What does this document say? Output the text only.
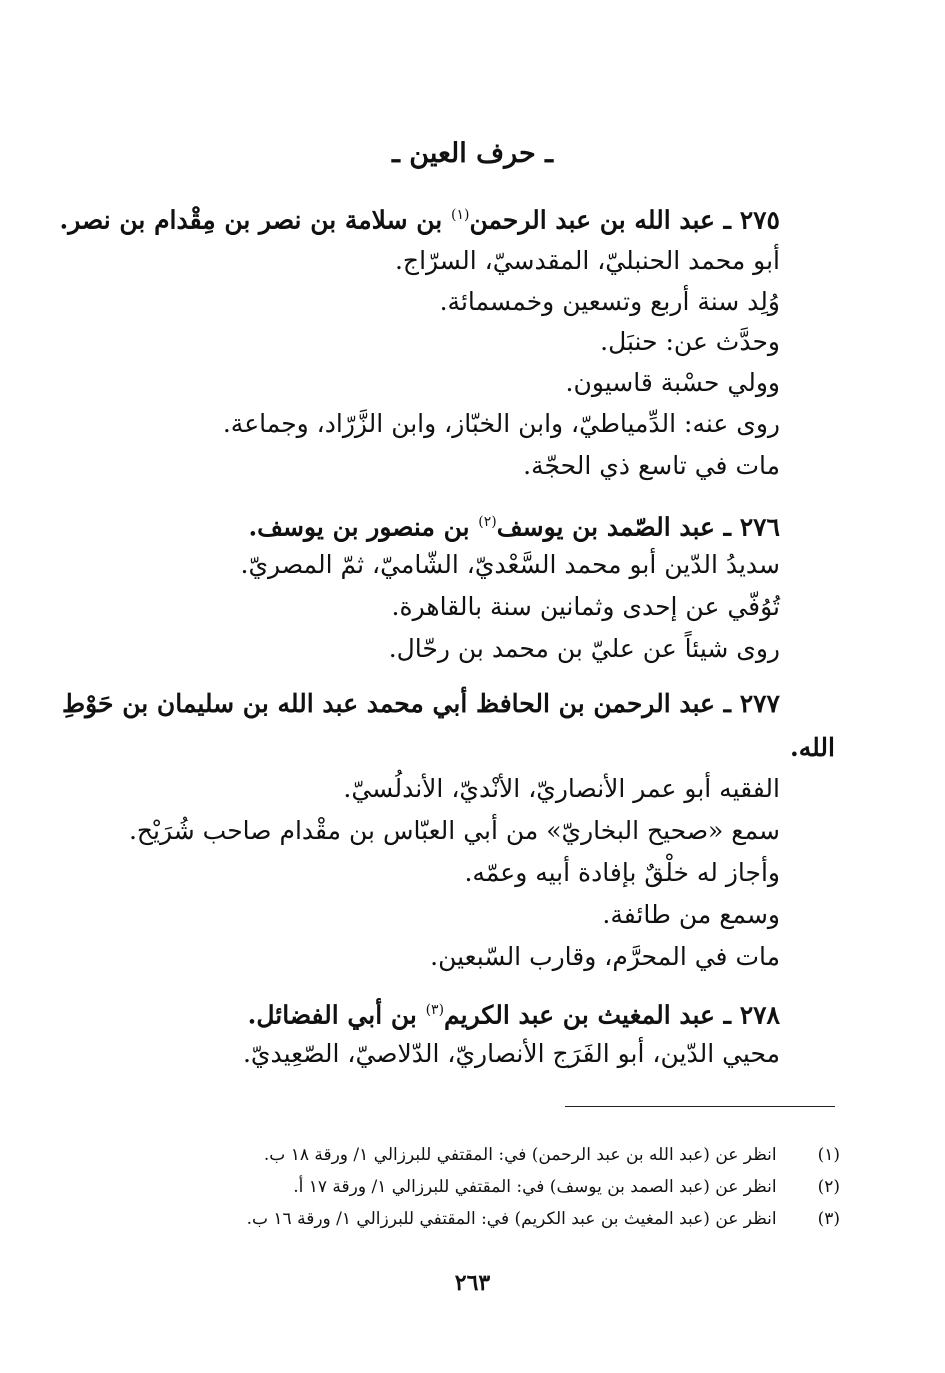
ـ حرف العين ـ
٢٧٥ ـ عبد الله بن عبد الرحمن$^{(١)}$ بن سلامة بن نصر بن مِقْدام بن نصر.
أبو محمد الحنبليّ، المقدسيّ، السرّاج.
وُلِد سنة أربع وتسعين وخمسمائة.
وحدَّث عن: حنبَل.
وولي حسْبة قاسيون.
روى عنه: الدِّمياطيّ، وابن الخبّاز، وابن الزَّرّاد، وجماعة.
مات في تاسع ذي الحجّة.
٢٧٦ ـ عبد الصّمد بن يوسف$^{(٢)}$ بن منصور بن يوسف.
سديدُ الدّين أبو محمد السَّعْديّ، الشّاميّ، ثمّ المصريّ.
تُوُفّي عن إحدى وثمانين سنة بالقاهرة.
روى شيئاً عن عليّ بن محمد بن رحّال.
٢٧٧ ـ عبد الرحمن بن الحافظ أبي محمد عبد الله بن سليمان بن حَوْطِ
الله.
الفقيه أبو عمر الأنصاريّ، الأنْديّ، الأندلُسيّ.
سمع «صحيح البخاريّ» من أبي العبّاس بن مقْدام صاحب شُرَيْح.
وأجاز له خلْقٌ بإفادة أبيه وعمّه.
وسمع من طائفة.
مات في المحرَّم، وقارب السّبعين.
٢٧٨ ـ عبد المغيث بن عبد الكريم$^{(٣)}$ بن أبي الفضائل.
محيي الدّين، أبو الفَرَج الأنصاريّ، الدّلاصيّ، الصّعِيديّ.
(١) انظر عن (عبد الله بن عبد الرحمن) في: المقتفي للبرزالي ١/ ورقة ١٨ ب.
(٢) انظر عن (عبد الصمد بن يوسف) في: المقتفي للبرزالي ١/ ورقة ١٧ أ.
(٣) انظر عن (عبد المغيث بن عبد الكريم) في: المقتفي للبرزالي ١/ ورقة ١٦ ب.
٢٦٣
